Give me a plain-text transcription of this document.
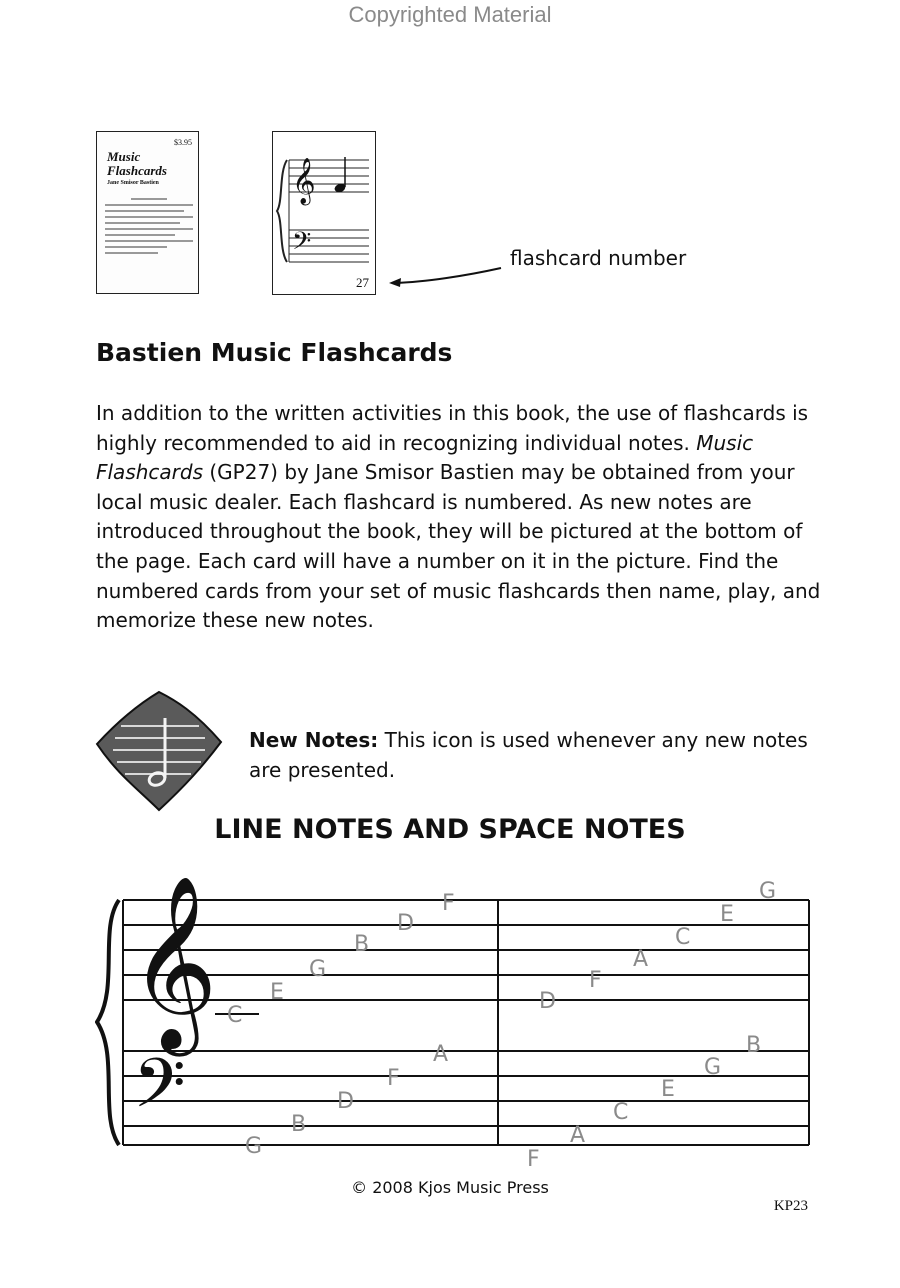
Copyrighted Material
$3.95
Music
Flashcards
Jane Smisor Bastien	𝄞
𝄢
27
flashcard number
Bastien Music Flashcards

In addition to the written activities in this book, the use of flashcards is highly recommended to aid in recognizing individual notes. Music Flashcards (GP27) by Jane Smisor Bastien may be obtained from your local music dealer. Each flashcard is numbered. As new notes are introduced throughout the book, they will be pictured at the bottom of the page. Each card will have a number on it in the picture. Find the numbered cards from your set of music flashcards then name, play, and memorize these new notes.

New Notes: This icon is used whenever any new notes are presented.

LINE NOTES AND SPACE NOTES
𝄞
𝄢
C
E
G
B
D
F
D
F
A
C
E
G
G
B
D
F
A
F
A
C
E
G
B
© 2008 Kjos Music Press
KP23
